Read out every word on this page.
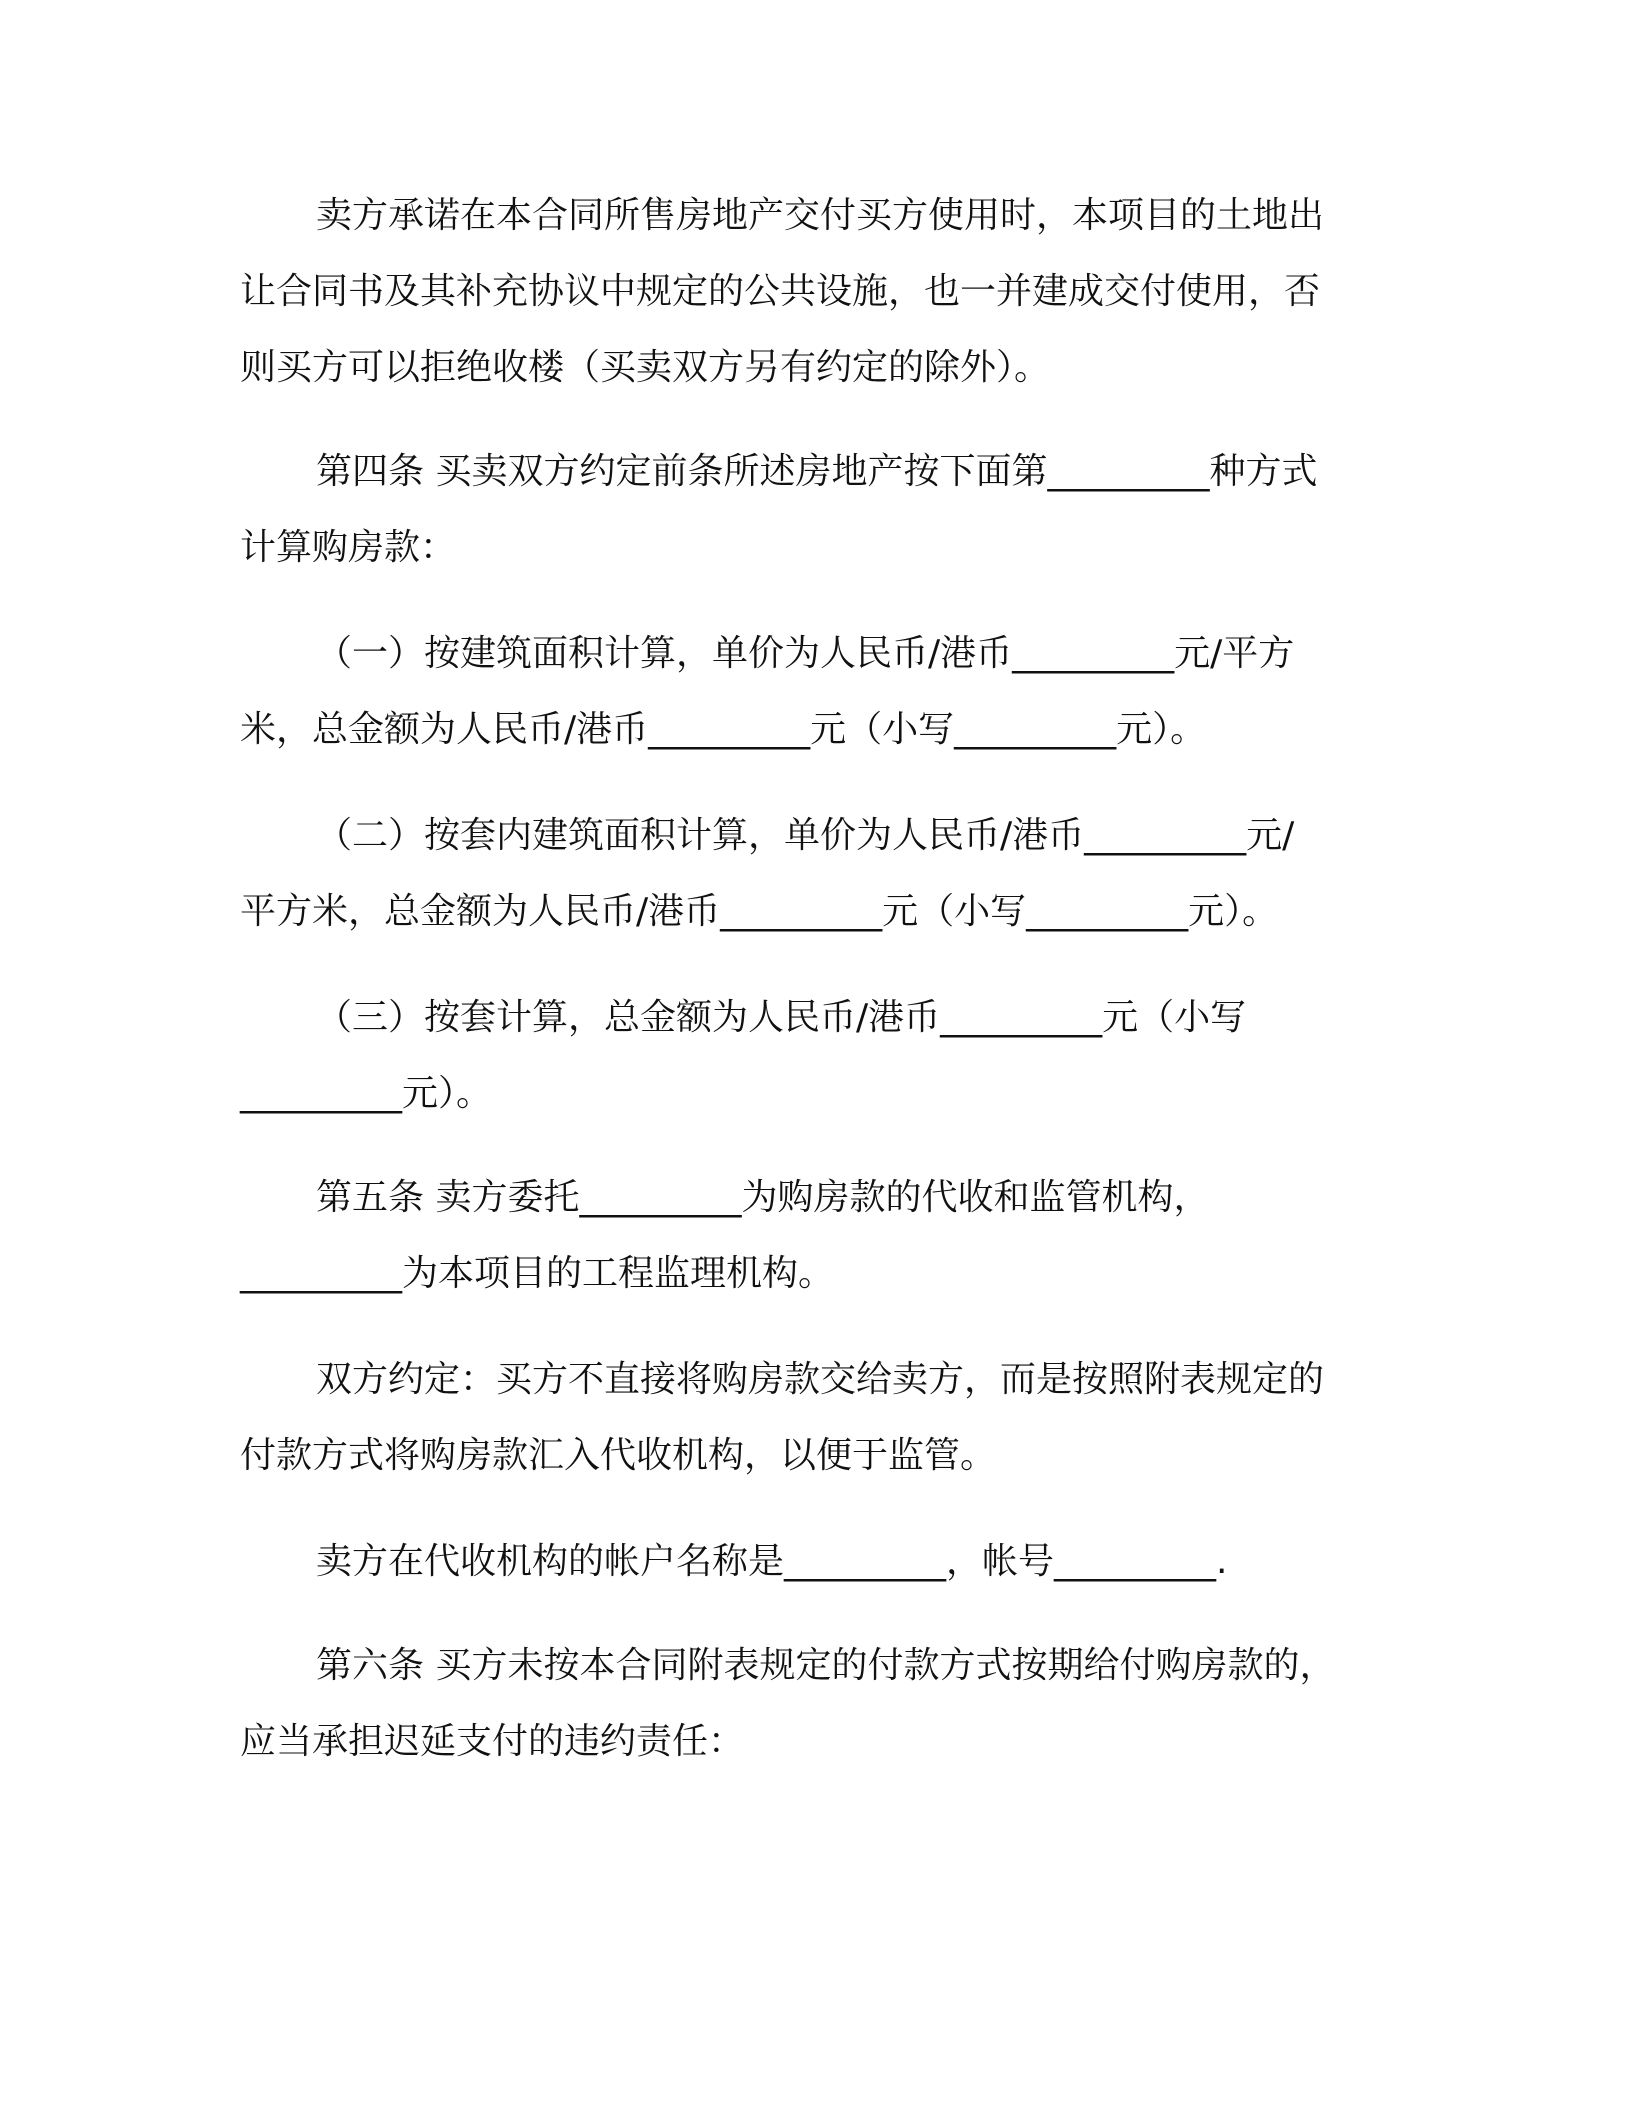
卖方承诺在本合同所售房地产交付买方使用时，本项目的土地出
让合同书及其补充协议中规定的公共设施，也一并建成交付使用，否
则买方可以拒绝收楼（买卖双方另有约定的除外）。
第四条 买卖双方约定前条所述房地产按下面第_________种方式
计算购房款：
（一）按建筑面积计算，单价为人民币/港币_________元/平方
米，总金额为人民币/港币_________元（小写_________元）。
（二）按套内建筑面积计算，单价为人民币/港币_________元/
平方米，总金额为人民币/港币_________元（小写_________元）。
（三）按套计算，总金额为人民币/港币_________元（小写
_________元）。
第五条 卖方委托_________为购房款的代收和监管机构，
_________为本项目的工程监理机构。
双方约定：买方不直接将购房款交给卖方，而是按照附表规定的
付款方式将购房款汇入代收机构，以便于监管。
卖方在代收机构的帐户名称是_________，帐号_________.
第六条 买方未按本合同附表规定的付款方式按期给付购房款的，
应当承担迟延支付的违约责任：
